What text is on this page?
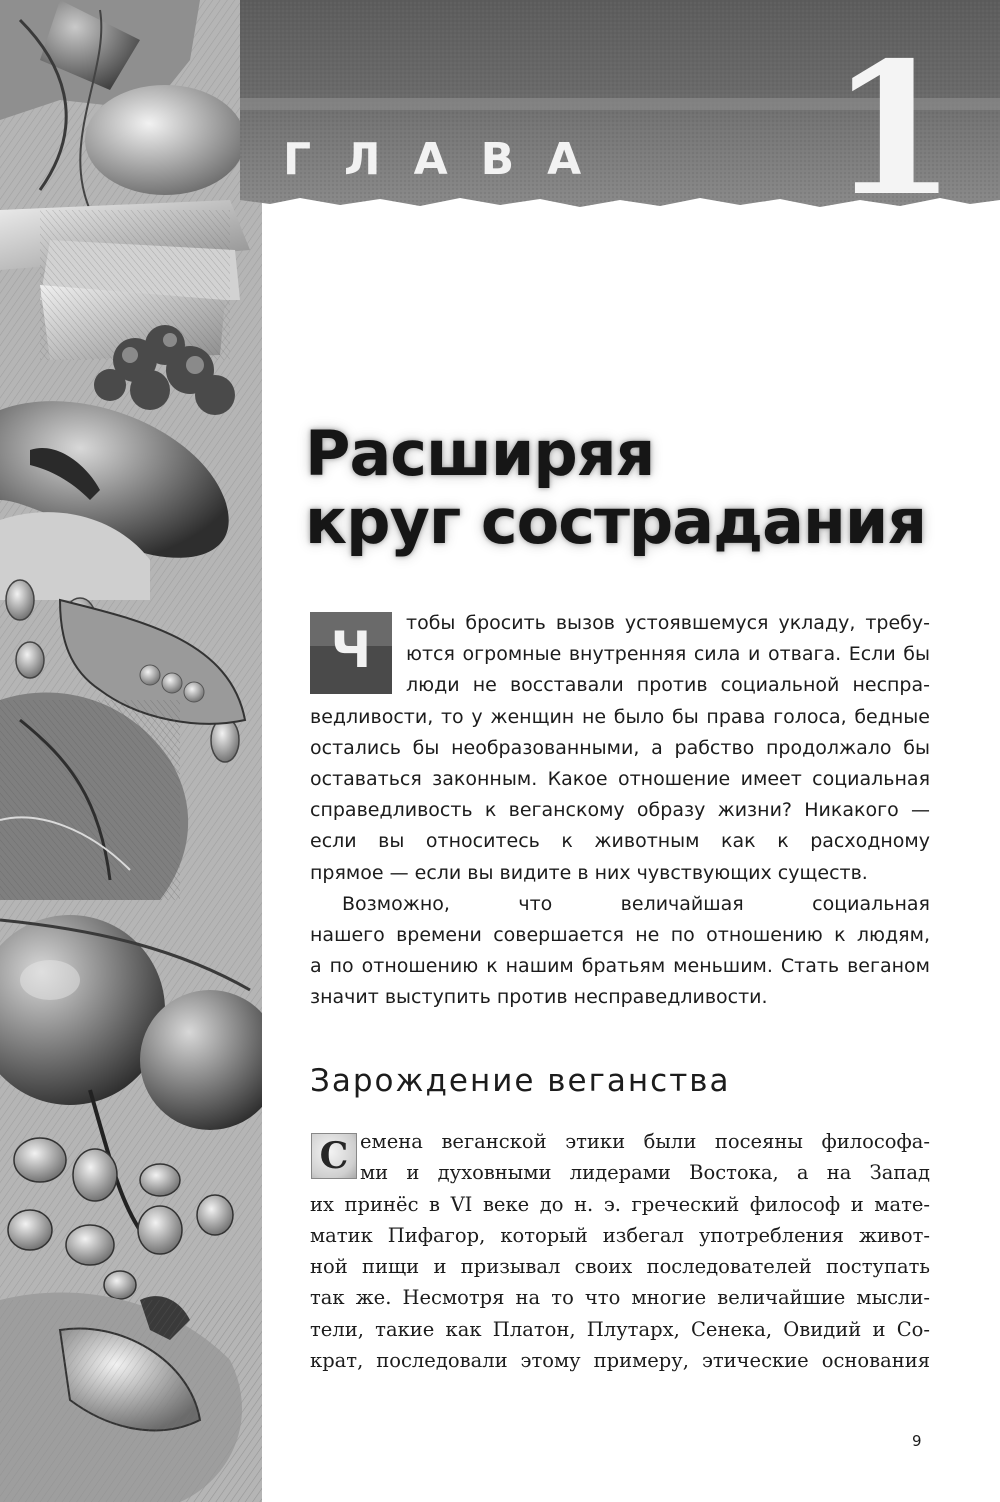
ГЛАВА 1
Расширяя
круг сострадания
Ч	тобы бросить вызов устоявшемуся укладу, требу-
ются огромные внутренняя сила и отвага. Если бы
люди не восставали против социальной неспра-
ведливости, то у женщин не было бы права голоса, бедные
остались бы необразованными, а рабство продолжало бы
оставаться законным. Какое отношение имеет социальная
справедливость к веганскому образу жизни? Никакого —
если вы относитесь к животным как к расходному
прямое — если вы видите в них чувствующих существ.
Возможно, что величайшая социальная
нашего времени совершается не по отношению к людям,
а по отношению к нашим братьям меньшим. Стать веганом
значит выступить против несправедливости.
Зарождение веганства
С емена веганской этики были посеяны философа-
ми и духовными лидерами Востока, а на Запад
их принёс в VI веке до н. э. греческий философ и мате-
матик Пифагор, который избегал употребления живот-
ной пищи и призывал своих последователей поступать
так же. Несмотря на то что многие величайшие мысли-
тели, такие как Платон, Плутарх, Сенека, Овидий и Со-
крат, последовали этому примеру, этические основания
9
